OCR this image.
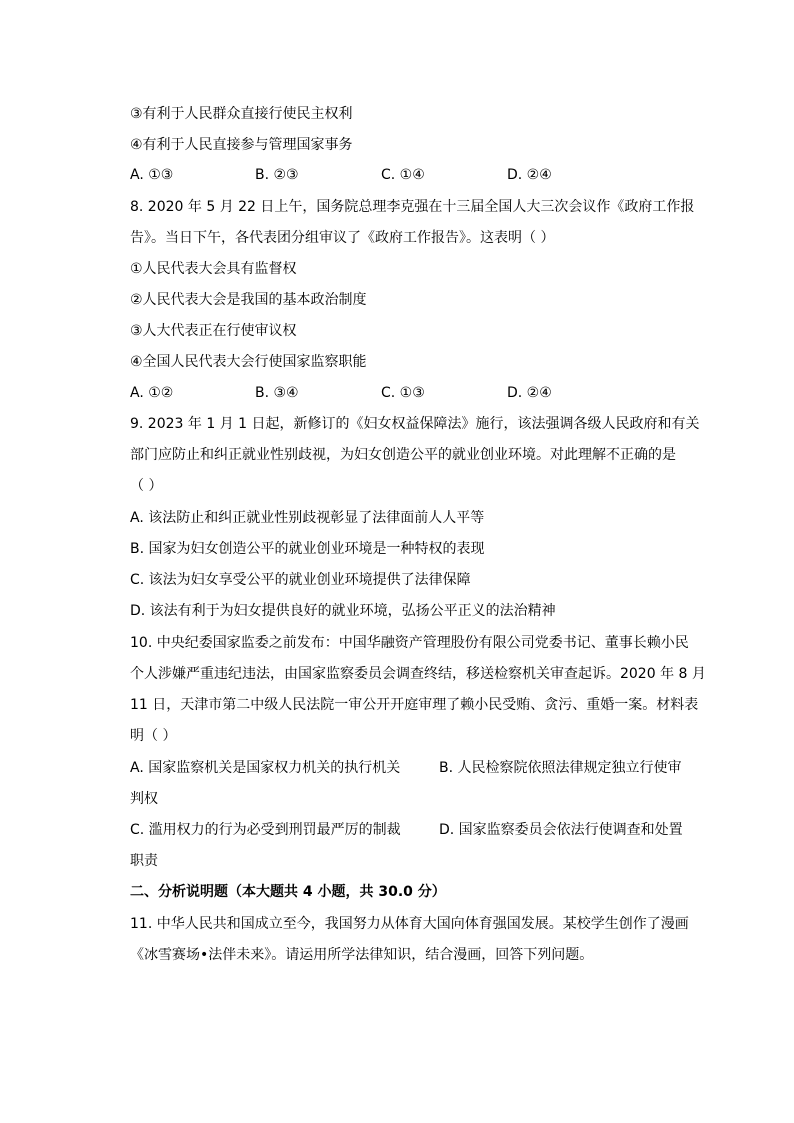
③有利于人民群众直接行使民主权利
④有利于人民直接参与管理国家事务
A. ①③	B. ②③	C. ①④	D. ②④
8. 2020 年 5 月 22 日上午，国务院总理李克强在十三届全国人大三次会议作《政府工作报
告》。当日下午，各代表团分组审议了《政府工作报告》。这表明（ ）
①人民代表大会具有监督权
②人民代表大会是我国的基本政治制度
③人大代表正在行使审议权
④全国人民代表大会行使国家监察职能
A. ①②	B. ③④	C. ①③	D. ②④
9. 2023 年 1 月 1 日起，新修订的《妇女权益保障法》施行，该法强调各级人民政府和有关
部门应防止和纠正就业性别歧视，为妇女创造公平的就业创业环境。对此理解不正确的是
（ ）
A. 该法防止和纠正就业性别歧视彰显了法律面前人人平等
B. 国家为妇女创造公平的就业创业环境是一种特权的表现
C. 该法为妇女享受公平的就业创业环境提供了法律保障
D. 该法有利于为妇女提供良好的就业环境，弘扬公平正义的法治精神
10. 中央纪委国家监委之前发布：中国华融资产管理股份有限公司党委书记、董事长赖小民
个人涉嫌严重违纪违法，由国家监察委员会调查终结，移送检察机关审查起诉。2020 年 8 月
11 日，天津市第二中级人民法院一审公开开庭审理了赖小民受贿、贪污、重婚一案。材料表
明（ ）
A. 国家监察机关是国家权力机关的执行机关	B. 人民检察院依照法律规定独立行使审
判权
C. 滥用权力的行为必受到刑罚最严厉的制裁	D. 国家监察委员会依法行使调查和处置
职责
二、分析说明题（本大题共 4 小题，共 30.0 分）
11. 中华人民共和国成立至今，我国努力从体育大国向体育强国发展。某校学生创作了漫画
《冰雪赛场•法伴未来》。请运用所学法律知识，结合漫画，回答下列问题。
